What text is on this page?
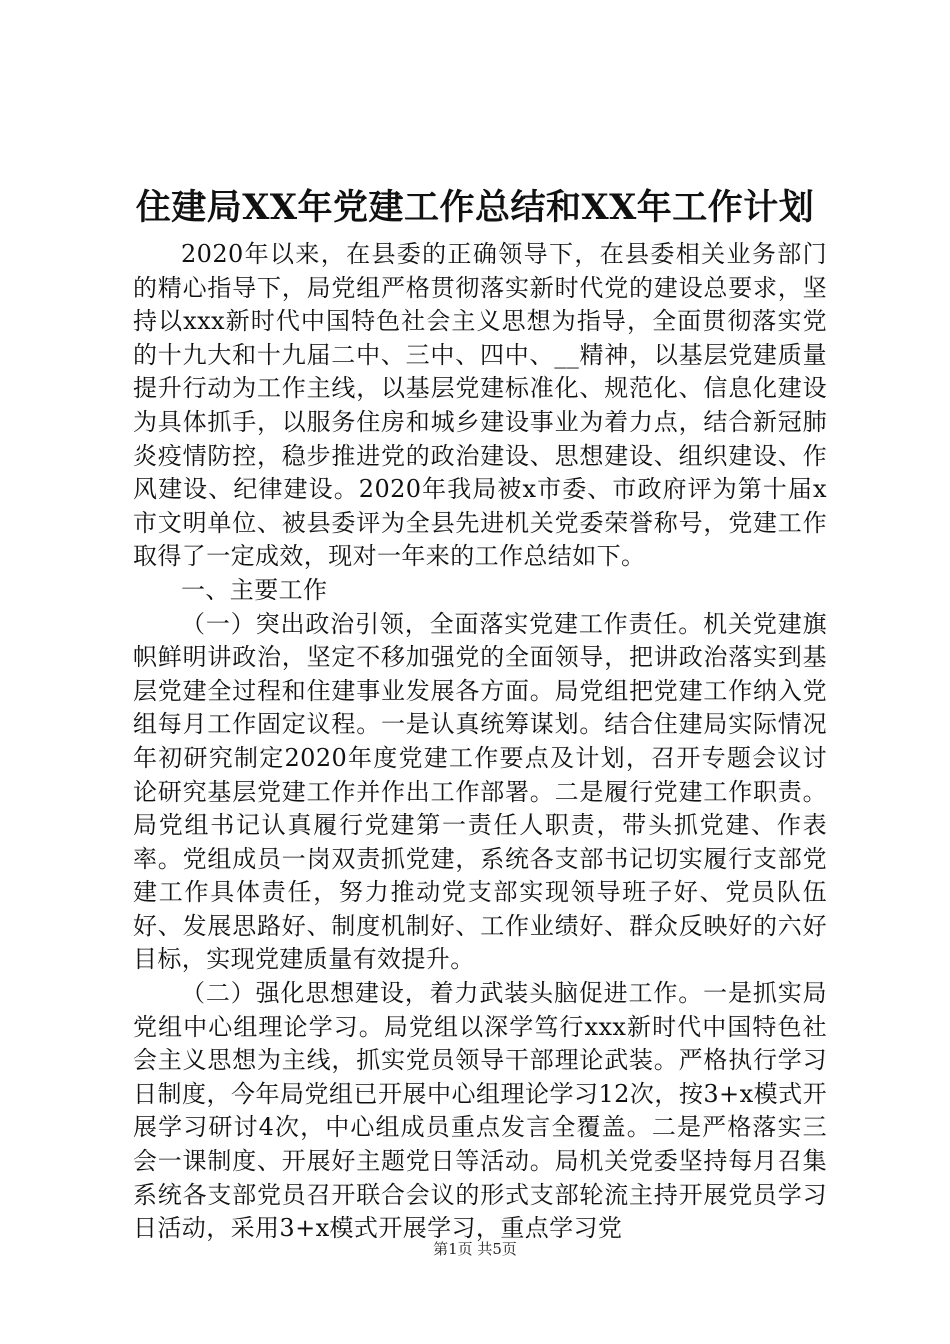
住建局XX年党建工作总结和XX年工作计划

2020年以来，在县委的正确领导下，在县委相关业务部门的精心指导下，局党组严格贯彻落实新时代党的建设总要求，坚持以xxx新时代中国特色社会主义思想为指导，全面贯彻落实党的十九大和十九届二中、三中、四中、__精神，以基层党建质量提升行动为工作主线，以基层党建标准化、规范化、信息化建设为具体抓手，以服务住房和城乡建设事业为着力点，结合新冠肺炎疫情防控，稳步推进党的政治建设、思想建设、组织建设、作风建设、纪律建设。2020年我局被x市委、市政府评为第十届x市文明单位、被县委评为全县先进机关党委荣誉称号，党建工作取得了一定成效，现对一年来的工作总结如下。

一、主要工作

（一）突出政治引领，全面落实党建工作责任。机关党建旗帜鲜明讲政治，坚定不移加强党的全面领导，把讲政治落实到基层党建全过程和住建事业发展各方面。局党组把党建工作纳入党组每月工作固定议程。一是认真统筹谋划。结合住建局实际情况年初研究制定2020年度党建工作要点及计划，召开专题会议讨论研究基层党建工作并作出工作部署。二是履行党建工作职责。局党组书记认真履行党建第一责任人职责，带头抓党建、作表率。党组成员一岗双责抓党建，系统各支部书记切实履行支部党建工作具体责任，努力推动党支部实现领导班子好、党员队伍好、发展思路好、制度机制好、工作业绩好、群众反映好的六好目标，实现党建质量有效提升。

（二）强化思想建设，着力武装头脑促进工作。一是抓实局党组中心组理论学习。局党组以深学笃行xxx新时代中国特色社会主义思想为主线，抓实党员领导干部理论武装。严格执行学习日制度，今年局党组已开展中心组理论学习12次，按3+x模式开展学习研讨4次，中心组成员重点发言全覆盖。二是严格落实三会一课制度、开展好主题党日等活动。局机关党委坚持每月召集系统各支部党员召开联合会议的形式支部轮流主持开展党员学习日活动，采用3+x模式开展学习，重点学习党

第1页 共5页
